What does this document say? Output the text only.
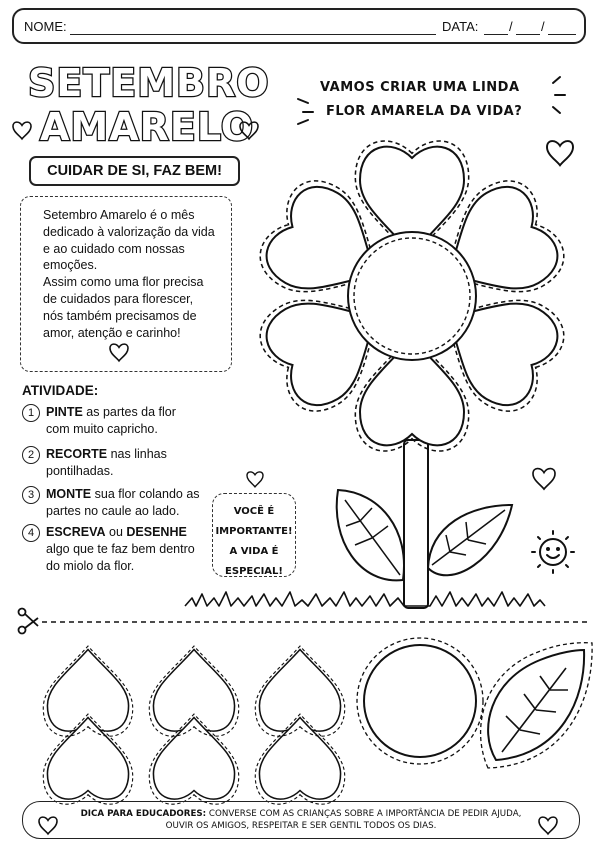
NOME:	DATA: / /
SETEMBRO
AMARELO
CUIDAR DE SI, FAZ BEM!
VAMOS CRIAR UMA LINDA
FLOR AMARELA DA VIDA?
Setembro Amarelo é o mês
dedicado à valorização da vida
e ao cuidado com nossas
emoções.
Assim como uma flor precisa
de cuidados para florescer,
nós também precisamos de
amor, atenção e carinho!
ATIVIDADE:
1 PINTE as partes da flor
com muito capricho.
2 RECORTE nas linhas
pontilhadas.
3 MONTE sua flor colando as
partes no caule ao lado.
4 ESCREVA ou DESENHE
algo que te faz bem dentro
do miolo da flor.
VOCÊ É
IMPORTANTE!
A VIDA É
ESPECIAL!
DICA PARA EDUCADORES: CONVERSE COM AS CRIANÇAS SOBRE A IMPORTÂNCIA DE PEDIR AJUDA,
OUVIR OS AMIGOS, RESPEITAR E SER GENTIL TODOS OS DIAS.
